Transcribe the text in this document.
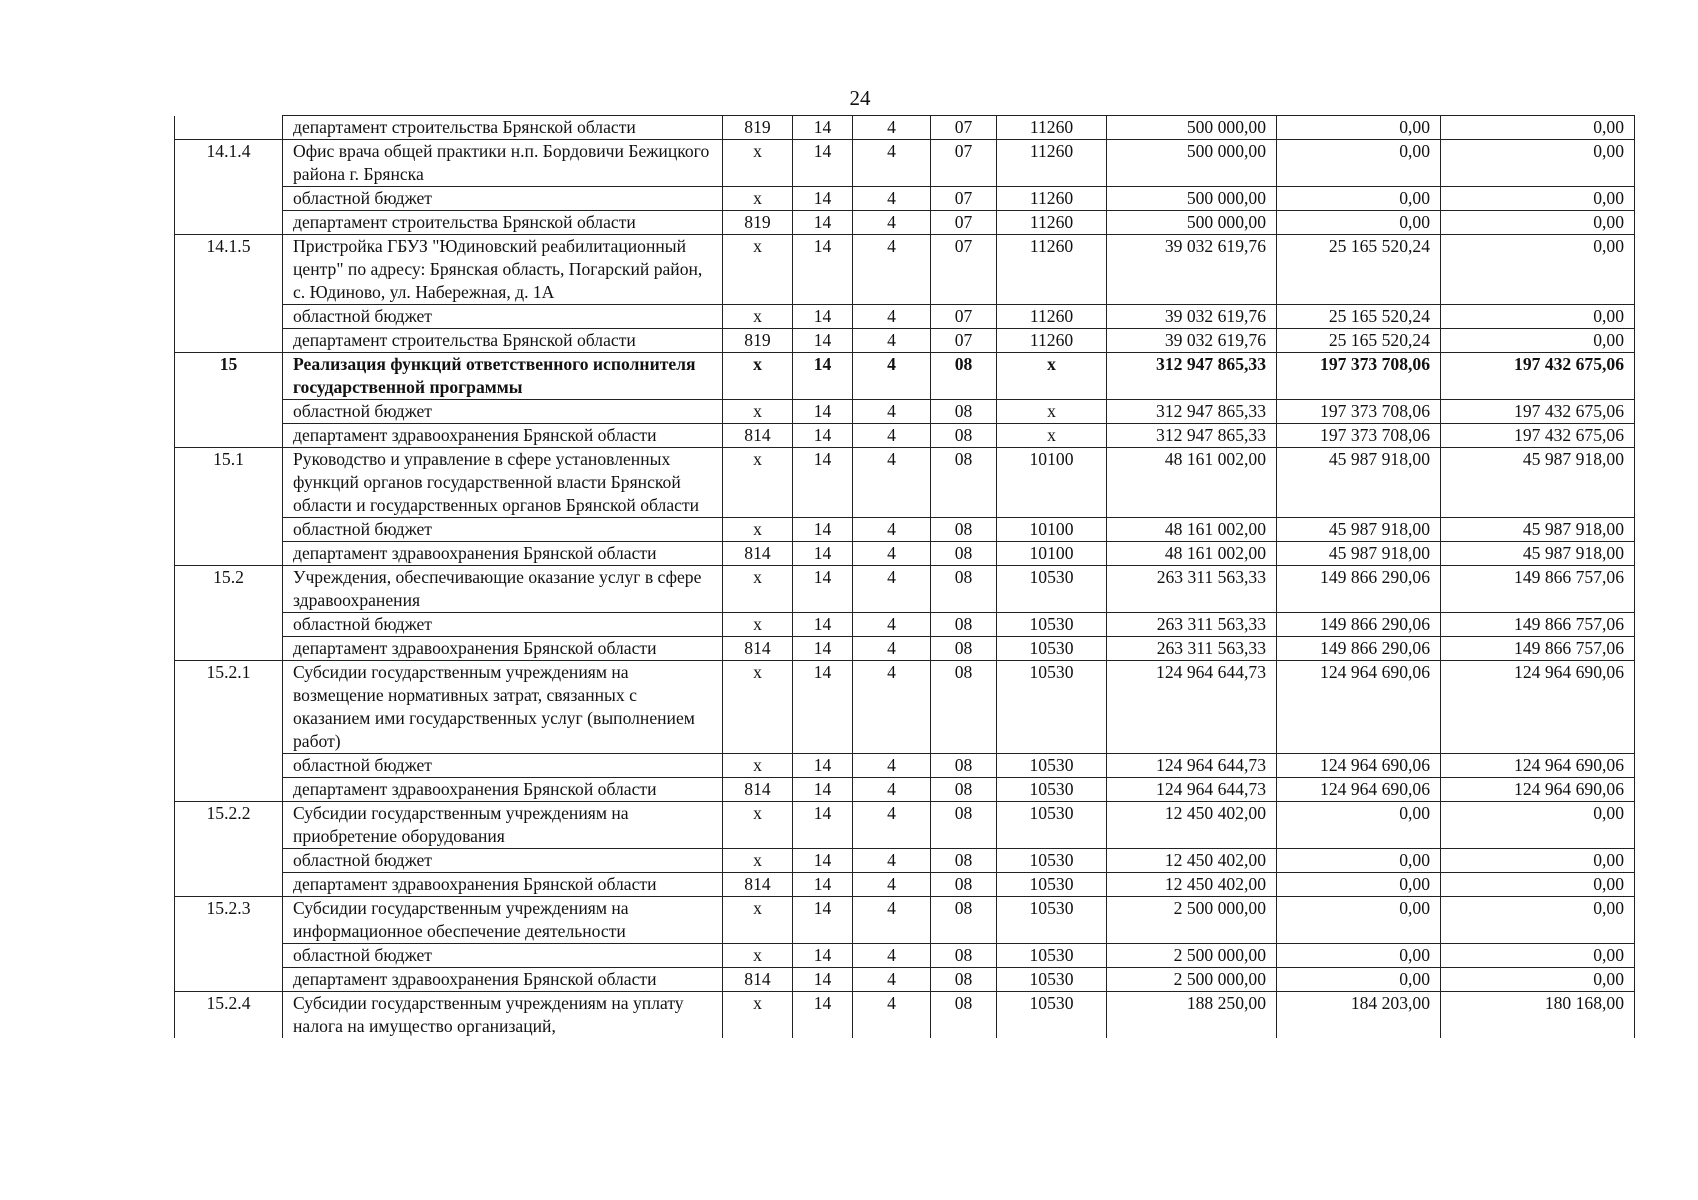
24
	департамент строительства Брянской области	819	14	4	07	11260	500 000,00	0,00	0,00
14.1.4	Офис врача общей практики н.п. Бордовичи Бежицкого района г. Брянска	х	14	4	07	11260	500 000,00	0,00	0,00
	областной бюджет	х	14	4	07	11260	500 000,00	0,00	0,00
	департамент строительства Брянской области	819	14	4	07	11260	500 000,00	0,00	0,00
14.1.5	Пристройка ГБУЗ "Юдиновский реабилитационный центр" по адресу: Брянская область, Погарский район, с. Юдиново, ул. Набережная, д. 1А	х	14	4	07	11260	39 032 619,76	25 165 520,24	0,00
	областной бюджет	х	14	4	07	11260	39 032 619,76	25 165 520,24	0,00
	департамент строительства Брянской области	819	14	4	07	11260	39 032 619,76	25 165 520,24	0,00
15	Реализация функций ответственного исполнителя государственной программы	х	14	4	08	х	312 947 865,33	197 373 708,06	197 432 675,06
	областной бюджет	х	14	4	08	х	312 947 865,33	197 373 708,06	197 432 675,06
	департамент здравоохранения Брянской области	814	14	4	08	х	312 947 865,33	197 373 708,06	197 432 675,06
15.1	Руководство и управление в сфере установленных функций органов государственной власти Брянской области и государственных органов Брянской области	х	14	4	08	10100	48 161 002,00	45 987 918,00	45 987 918,00
	областной бюджет	х	14	4	08	10100	48 161 002,00	45 987 918,00	45 987 918,00
	департамент здравоохранения Брянской области	814	14	4	08	10100	48 161 002,00	45 987 918,00	45 987 918,00
15.2	Учреждения, обеспечивающие оказание услуг в сфере здравоохранения	х	14	4	08	10530	263 311 563,33	149 866 290,06	149 866 757,06
	областной бюджет	х	14	4	08	10530	263 311 563,33	149 866 290,06	149 866 757,06
	департамент здравоохранения Брянской области	814	14	4	08	10530	263 311 563,33	149 866 290,06	149 866 757,06
15.2.1	Субсидии государственным учреждениям на возмещение нормативных затрат, связанных с оказанием ими государственных услуг (выполнением работ)	х	14	4	08	10530	124 964 644,73	124 964 690,06	124 964 690,06
	областной бюджет	х	14	4	08	10530	124 964 644,73	124 964 690,06	124 964 690,06
	департамент здравоохранения Брянской области	814	14	4	08	10530	124 964 644,73	124 964 690,06	124 964 690,06
15.2.2	Субсидии государственным учреждениям на приобретение оборудования	х	14	4	08	10530	12 450 402,00	0,00	0,00
	областной бюджет	х	14	4	08	10530	12 450 402,00	0,00	0,00
	департамент здравоохранения Брянской области	814	14	4	08	10530	12 450 402,00	0,00	0,00
15.2.3	Субсидии государственным учреждениям на информационное обеспечение деятельности	х	14	4	08	10530	2 500 000,00	0,00	0,00
	областной бюджет	х	14	4	08	10530	2 500 000,00	0,00	0,00
	департамент здравоохранения Брянской области	814	14	4	08	10530	2 500 000,00	0,00	0,00
15.2.4	Субсидии государственным учреждениям на уплату налога на имущество организаций,	х	14	4	08	10530	188 250,00	184 203,00	180 168,00
